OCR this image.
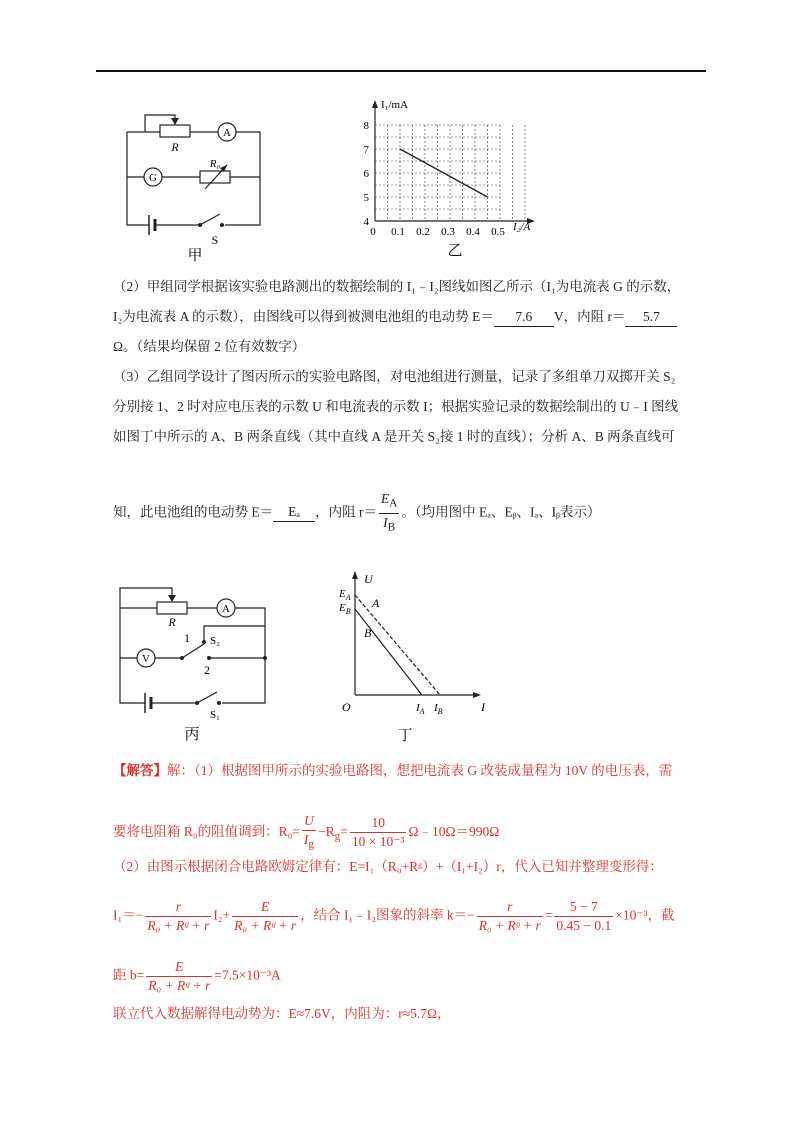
A
G
R
R₀
S
甲
8
7
6
5
4
0 0.1 0.2 0.3 0.4 0.5
I₁/mA
I₂/A
乙
（2）甲组同学根据该实验电路测出的数据绘制的 I₁﹣I₂图线如图乙所示（I₁为电流表 G 的示数，
I₂为电流表 A 的示数），由图线可以得到被测电池组的电动势 E＝ 7.6 V，内阻 r＝ 5.7
Ω。（结果均保留 2 位有效数字）
（3）乙组同学设计了图丙所示的实验电路图，对电池组进行测量，记录了多组单刀双掷开关 S₂
分别接 1、2 时对应电压表的示数 U 和电流表的示数 I；根据实验记录的数据绘制出的 U﹣I 图线
如图丁中所示的 A、B 两条直线（其中直线 A 是开关 S₂接 1 时的直线）；分析 A、B 两条直线可
知，此电池组的电动势 E＝ Eₐ ，内阻 $r= \frac{E_A}{I_B}$ 。（均用图中 Eₐ、Eᵦ、Iₐ、Iᵦ表示）
A
V
R
S₂
1
2
S₁
丙
U
I
O
$E_A$
$E_B$
A
B
$I_A$ $I_B$
丁
【解答】解：（1）根据图甲所示的实验电路图，想把电流表 G 改装成量程为 10V 的电压表，需
要将电阻箱 R₀的阻值调到：$R_0= \frac{U}{I_g} -R_g= \frac{10}{\text{10 × 10⁻³}}$ Ω﹣10Ω＝990Ω
（2）由图示根据闭合电路欧姆定律有：E=I₁（R₀+Rᵍ）+（I₁+I₂）r，代入已知并整理变形得：
$I_1=- \frac{r}{\text{R₀ + Rᵍ + r}} I_2+ \frac{E}{\text{R₀ + Rᵍ + r}}$ ，结合 I₁﹣I₂图象的斜率 $k=- \frac{r}{\text{R₀ + Rᵍ + r}} = \frac{5 - 7}{0.45 - 0.1} \times 10^{-3}$，截
距 $b= \frac{E}{\text{R₀ + Rᵍ + r}} =7.5\times 10^{-3}A$
联立代入数据解得电动势为：E≈7.6V，内阻为：r≈5.7Ω，
